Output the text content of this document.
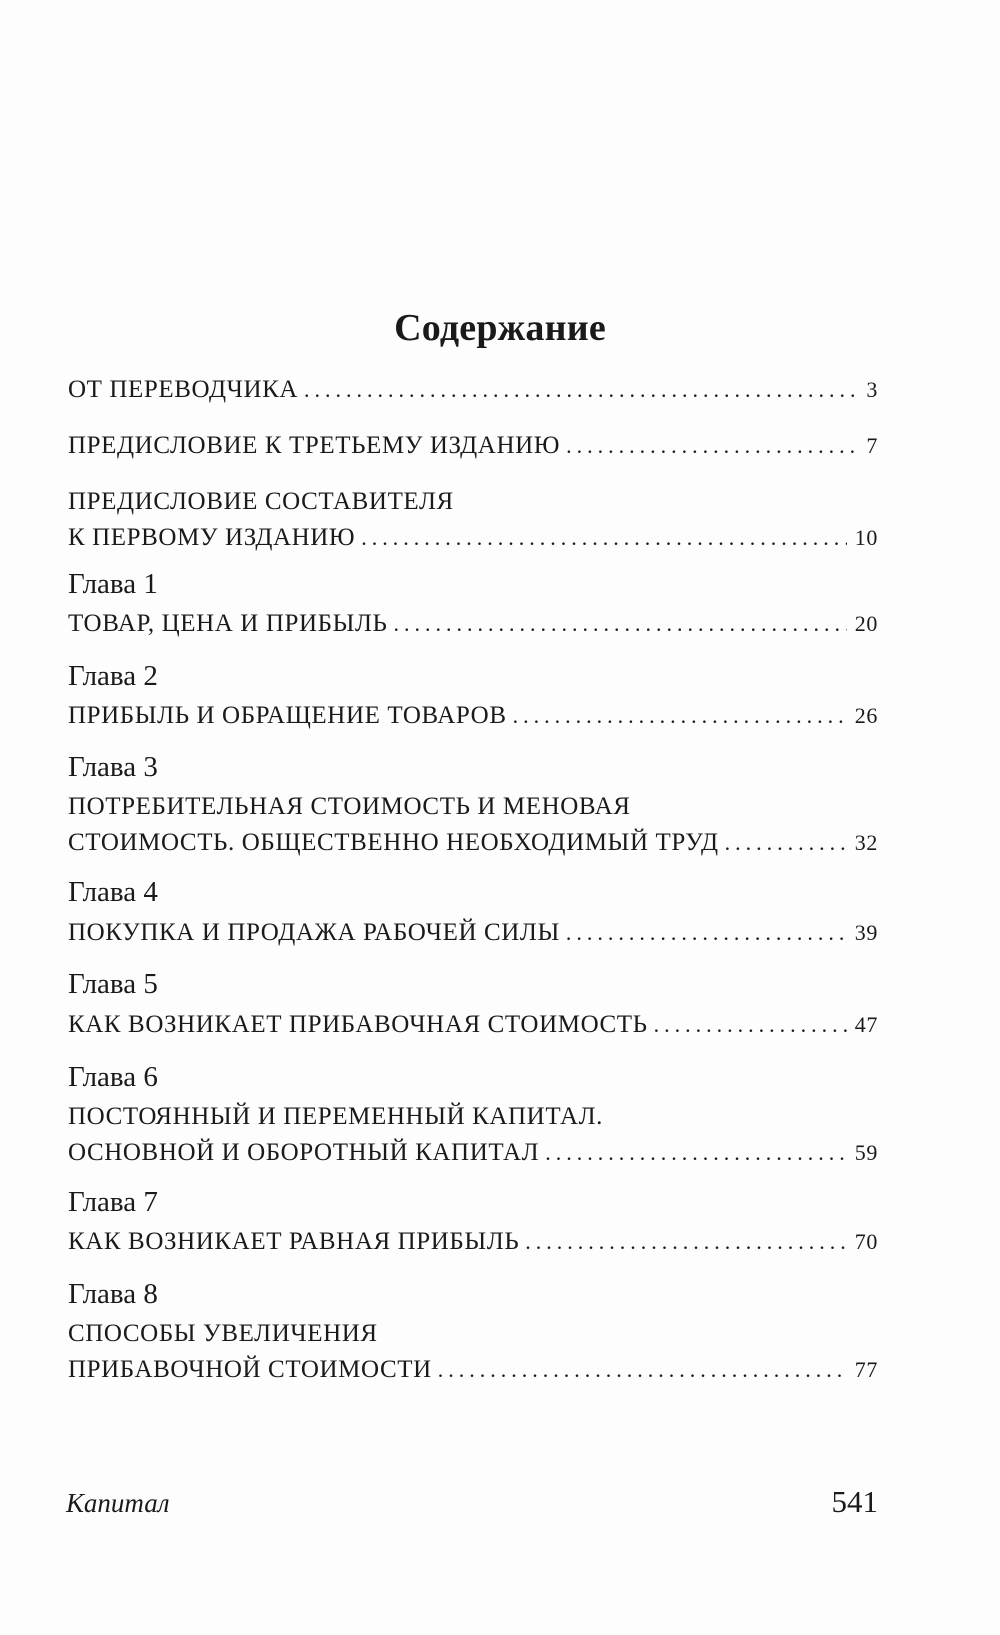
Содержание
ОТ ПЕРЕВОДЧИКА .....	3
ПРЕДИСЛОВИЕ К ТРЕТЬЕМУ ИЗДАНИЮ .....	7
ПРЕДИСЛОВИЕ СОСТАВИТЕЛЯ
К ПЕРВОМУ ИЗДАНИЮ .....	10
Глава 1
ТОВАР, ЦЕНА И ПРИБЫЛЬ .....	20
Глава 2
ПРИБЫЛЬ И ОБРАЩЕНИЕ ТОВАРОВ .....	26
Глава 3
ПОТРЕБИТЕЛЬНАЯ СТОИМОСТЬ И МЕНОВАЯ
СТОИМОСТЬ. ОБЩЕСТВЕННО НЕОБХОДИМЫЙ ТРУД .....	32
Глава 4
ПОКУПКА И ПРОДАЖА РАБОЧЕЙ СИЛЫ .....	39
Глава 5
КАК ВОЗНИКАЕТ ПРИБАВОЧНАЯ СТОИМОСТЬ .....	47
Глава 6
ПОСТОЯННЫЙ И ПЕРЕМЕННЫЙ КАПИТАЛ.
ОСНОВНОЙ И ОБОРОТНЫЙ КАПИТАЛ .....	59
Глава 7
КАК ВОЗНИКАЕТ РАВНАЯ ПРИБЫЛЬ .....	70
Глава 8
СПОСОБЫ УВЕЛИЧЕНИЯ
ПРИБАВОЧНОЙ СТОИМОСТИ .....	77
Капитал	541
